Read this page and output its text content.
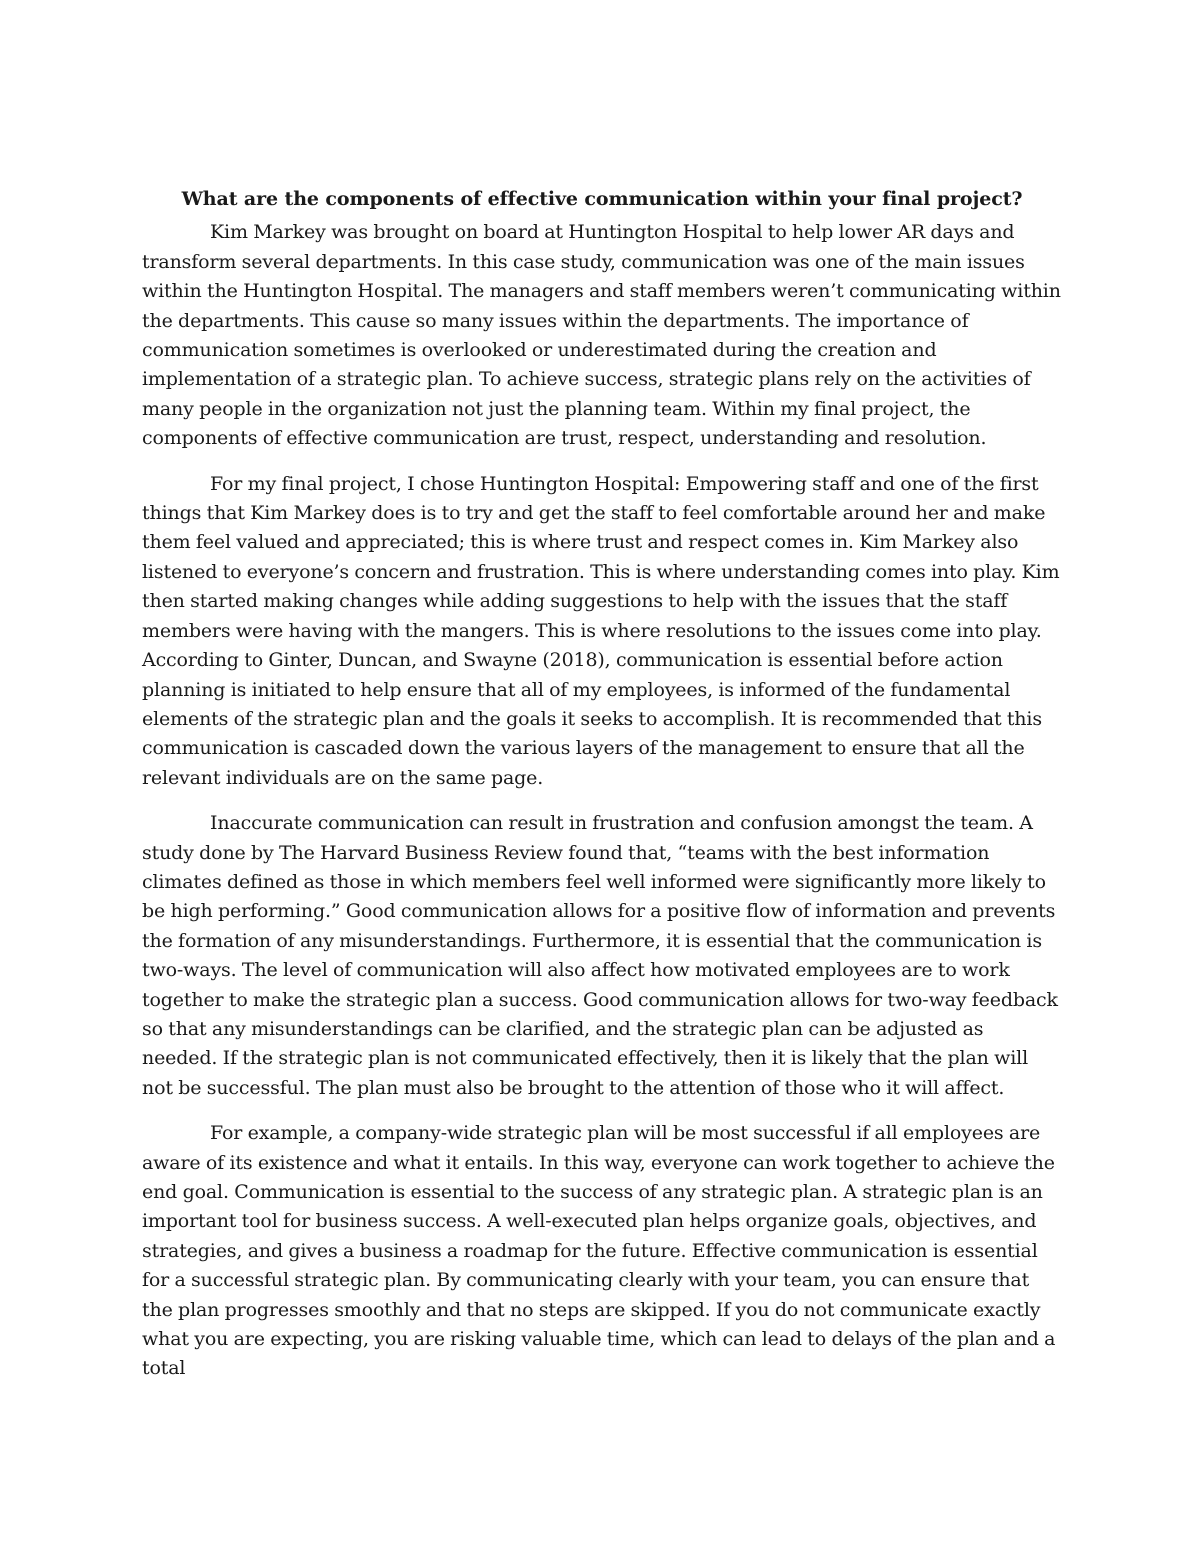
What are the components of effective communication within your final project?

Kim Markey was brought on board at Huntington Hospital to help lower AR days and transform several departments. In this case study, communication was one of the main issues within the Huntington Hospital. The managers and staff members weren’t communicating within the departments. This cause so many issues within the departments. The importance of communication sometimes is overlooked or underestimated during the creation and implementation of a strategic plan. To achieve success, strategic plans rely on the activities of many people in the organization not just the planning team. Within my final project, the components of effective communication are trust, respect, understanding and resolution.

For my final project, I chose Huntington Hospital: Empowering staff and one of the first things that Kim Markey does is to try and get the staff to feel comfortable around her and make them feel valued and appreciated; this is where trust and respect comes in. Kim Markey also listened to everyone’s concern and frustration. This is where understanding comes into play. Kim then started making changes while adding suggestions to help with the issues that the staff members were having with the mangers. This is where resolutions to the issues come into play. According to Ginter, Duncan, and Swayne (2018), communication is essential before action planning is initiated to help ensure that all of my employees, is informed of the fundamental elements of the strategic plan and the goals it seeks to accomplish. It is recommended that this communication is cascaded down the various layers of the management to ensure that all the relevant individuals are on the same page.

Inaccurate communication can result in frustration and confusion amongst the team. A study done by The Harvard Business Review found that, “teams with the best information climates defined as those in which members feel well informed were significantly more likely to be high performing.” Good communication allows for a positive flow of information and prevents the formation of any misunderstandings. Furthermore, it is essential that the communication is two-ways. The level of communication will also affect how motivated employees are to work together to make the strategic plan a success. Good communication allows for two-way feedback so that any misunderstandings can be clarified, and the strategic plan can be adjusted as needed. If the strategic plan is not communicated effectively, then it is likely that the plan will not be successful. The plan must also be brought to the attention of those who it will affect.

For example, a company-wide strategic plan will be most successful if all employees are aware of its existence and what it entails. In this way, everyone can work together to achieve the end goal. Communication is essential to the success of any strategic plan. A strategic plan is an important tool for business success. A well-executed plan helps organize goals, objectives, and strategies, and gives a business a roadmap for the future. Effective communication is essential for a successful strategic plan. By communicating clearly with your team, you can ensure that the plan progresses smoothly and that no steps are skipped. If you do not communicate exactly what you are expecting, you are risking valuable time, which can lead to delays of the plan and a total
